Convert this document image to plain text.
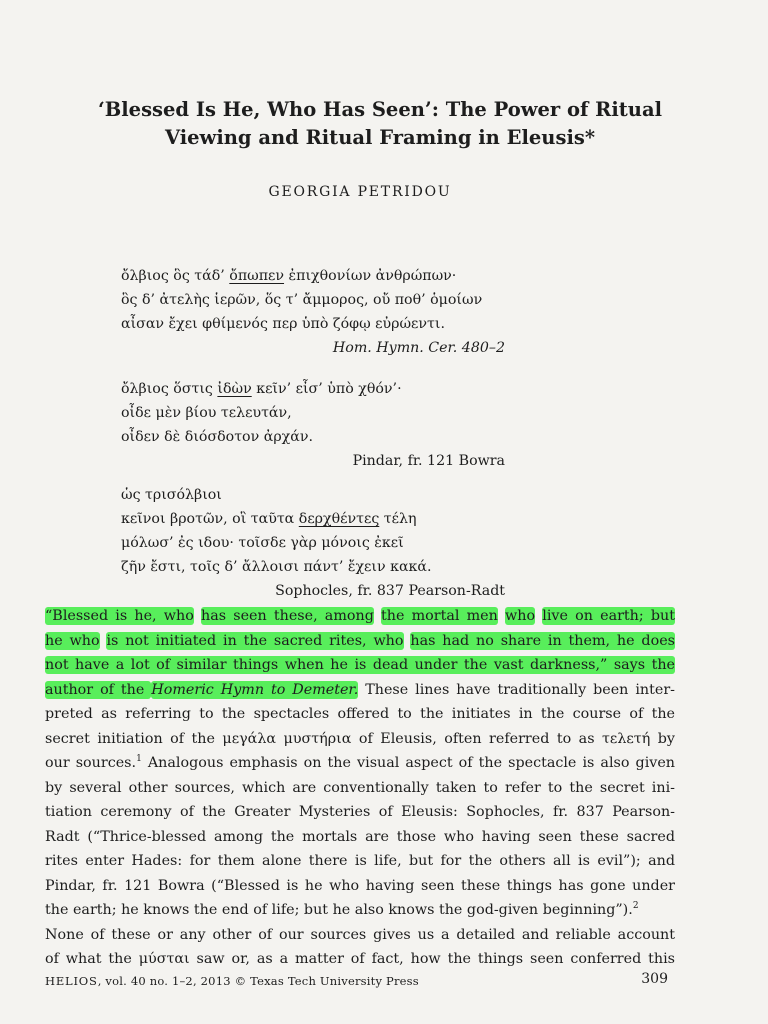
‘Blessed Is He, Who Has Seen’: The Power of Ritual
Viewing and Ritual Framing in Eleusis*
GEORGIA PETRIDOU
ὄλβιος ὃς τάδ’ ὄπωπεν ἐπιχθονίων ἀνθρώπων·
ὃς δ’ ἀτελὴς ἱερῶν, ὅς τ’ ἄμμορος, οὔ ποθ’ ὁμοίων
αἶσαν ἔχει φθίμενός περ ὑπὸ ζόφῳ εὐρώεντι.
Hom. Hymn. Cer. 480–2
ὄλβιος ὅστις ἰδὼν κεῖν’ εἶσ’ ὑπὸ χθόν’·
οἶδε μὲν βίου τελευτάν,
οἶδεν δὲ διόσδοτον ἀρχάν.
Pindar, fr. 121 Bowra
ὡς τρισόλβιοι
κεῖνοι βροτῶν, οἳ ταῦτα δερχθέντες τέλη
μόλωσ’ ἐς ιδου· τοῖσδε γὰρ μόνοις ἐκεῖ
ζῆν ἔστι, τοῖς δ’ ἄλλοισι πάντ’ ἔχειν κακά.
Sophocles, fr. 837 Pearson-Radt
“Blessed is he, who has seen these, among the mortal men who live on earth; but
he who is not initiated in the sacred rites, who has had no share in them, he does
not have a lot of similar things when he is dead under the vast darkness,” says the
author of the Homeric Hymn to Demeter. These lines have traditionally been inter-
preted as referring to the spectacles offered to the initiates in the course of the
secret initiation of the μεγάλα μυστήρια of Eleusis, often referred to as τελετή by
our sources.$^1$ Analogous emphasis on the visual aspect of the spectacle is also given
by several other sources, which are conventionally taken to refer to the secret ini-
tiation ceremony of the Greater Mysteries of Eleusis: Sophocles, fr. 837 Pearson-
Radt (“Thrice-blessed among the mortals are those who having seen these sacred
rites enter Hades: for them alone there is life, but for the others all is evil”); and
Pindar, fr. 121 Bowra (“Blessed is he who having seen these things has gone under
the earth; he knows the end of life; but he also knows the god-given beginning”).$^2$
None of these or any other of our sources gives us a detailed and reliable account
of what the μύσται saw or, as a matter of fact, how the things seen conferred this
HELIOS, vol. 40 no. 1–2, 2013 © Texas Tech University Press	309
